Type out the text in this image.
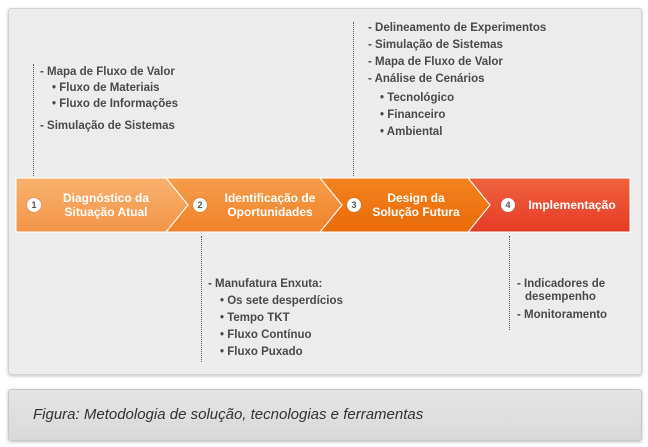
- Mapa de Fluxo de Valor
• Fluxo de Materiais
• Fluxo de Informações
- Simulação de Sistemas
- Delineamento de Experimentos
- Simulação de Sistemas
- Mapa de Fluxo de Valor
- Análise de Cenários
• Tecnológico
• Financeiro
• Ambiental
1	Diagnóstico da
Situação Atual	2	Identificação de
Oportunidades	3	Design da
Solução Futura	4	Implementação
- Manufatura Enxuta:
• Os sete desperdícios
• Tempo TKT
• Fluxo Contínuo
• Fluxo Puxado
- Indicadores de
desempenho
- Monitoramento
Figura: Metodologia de solução, tecnologias e ferramentas
